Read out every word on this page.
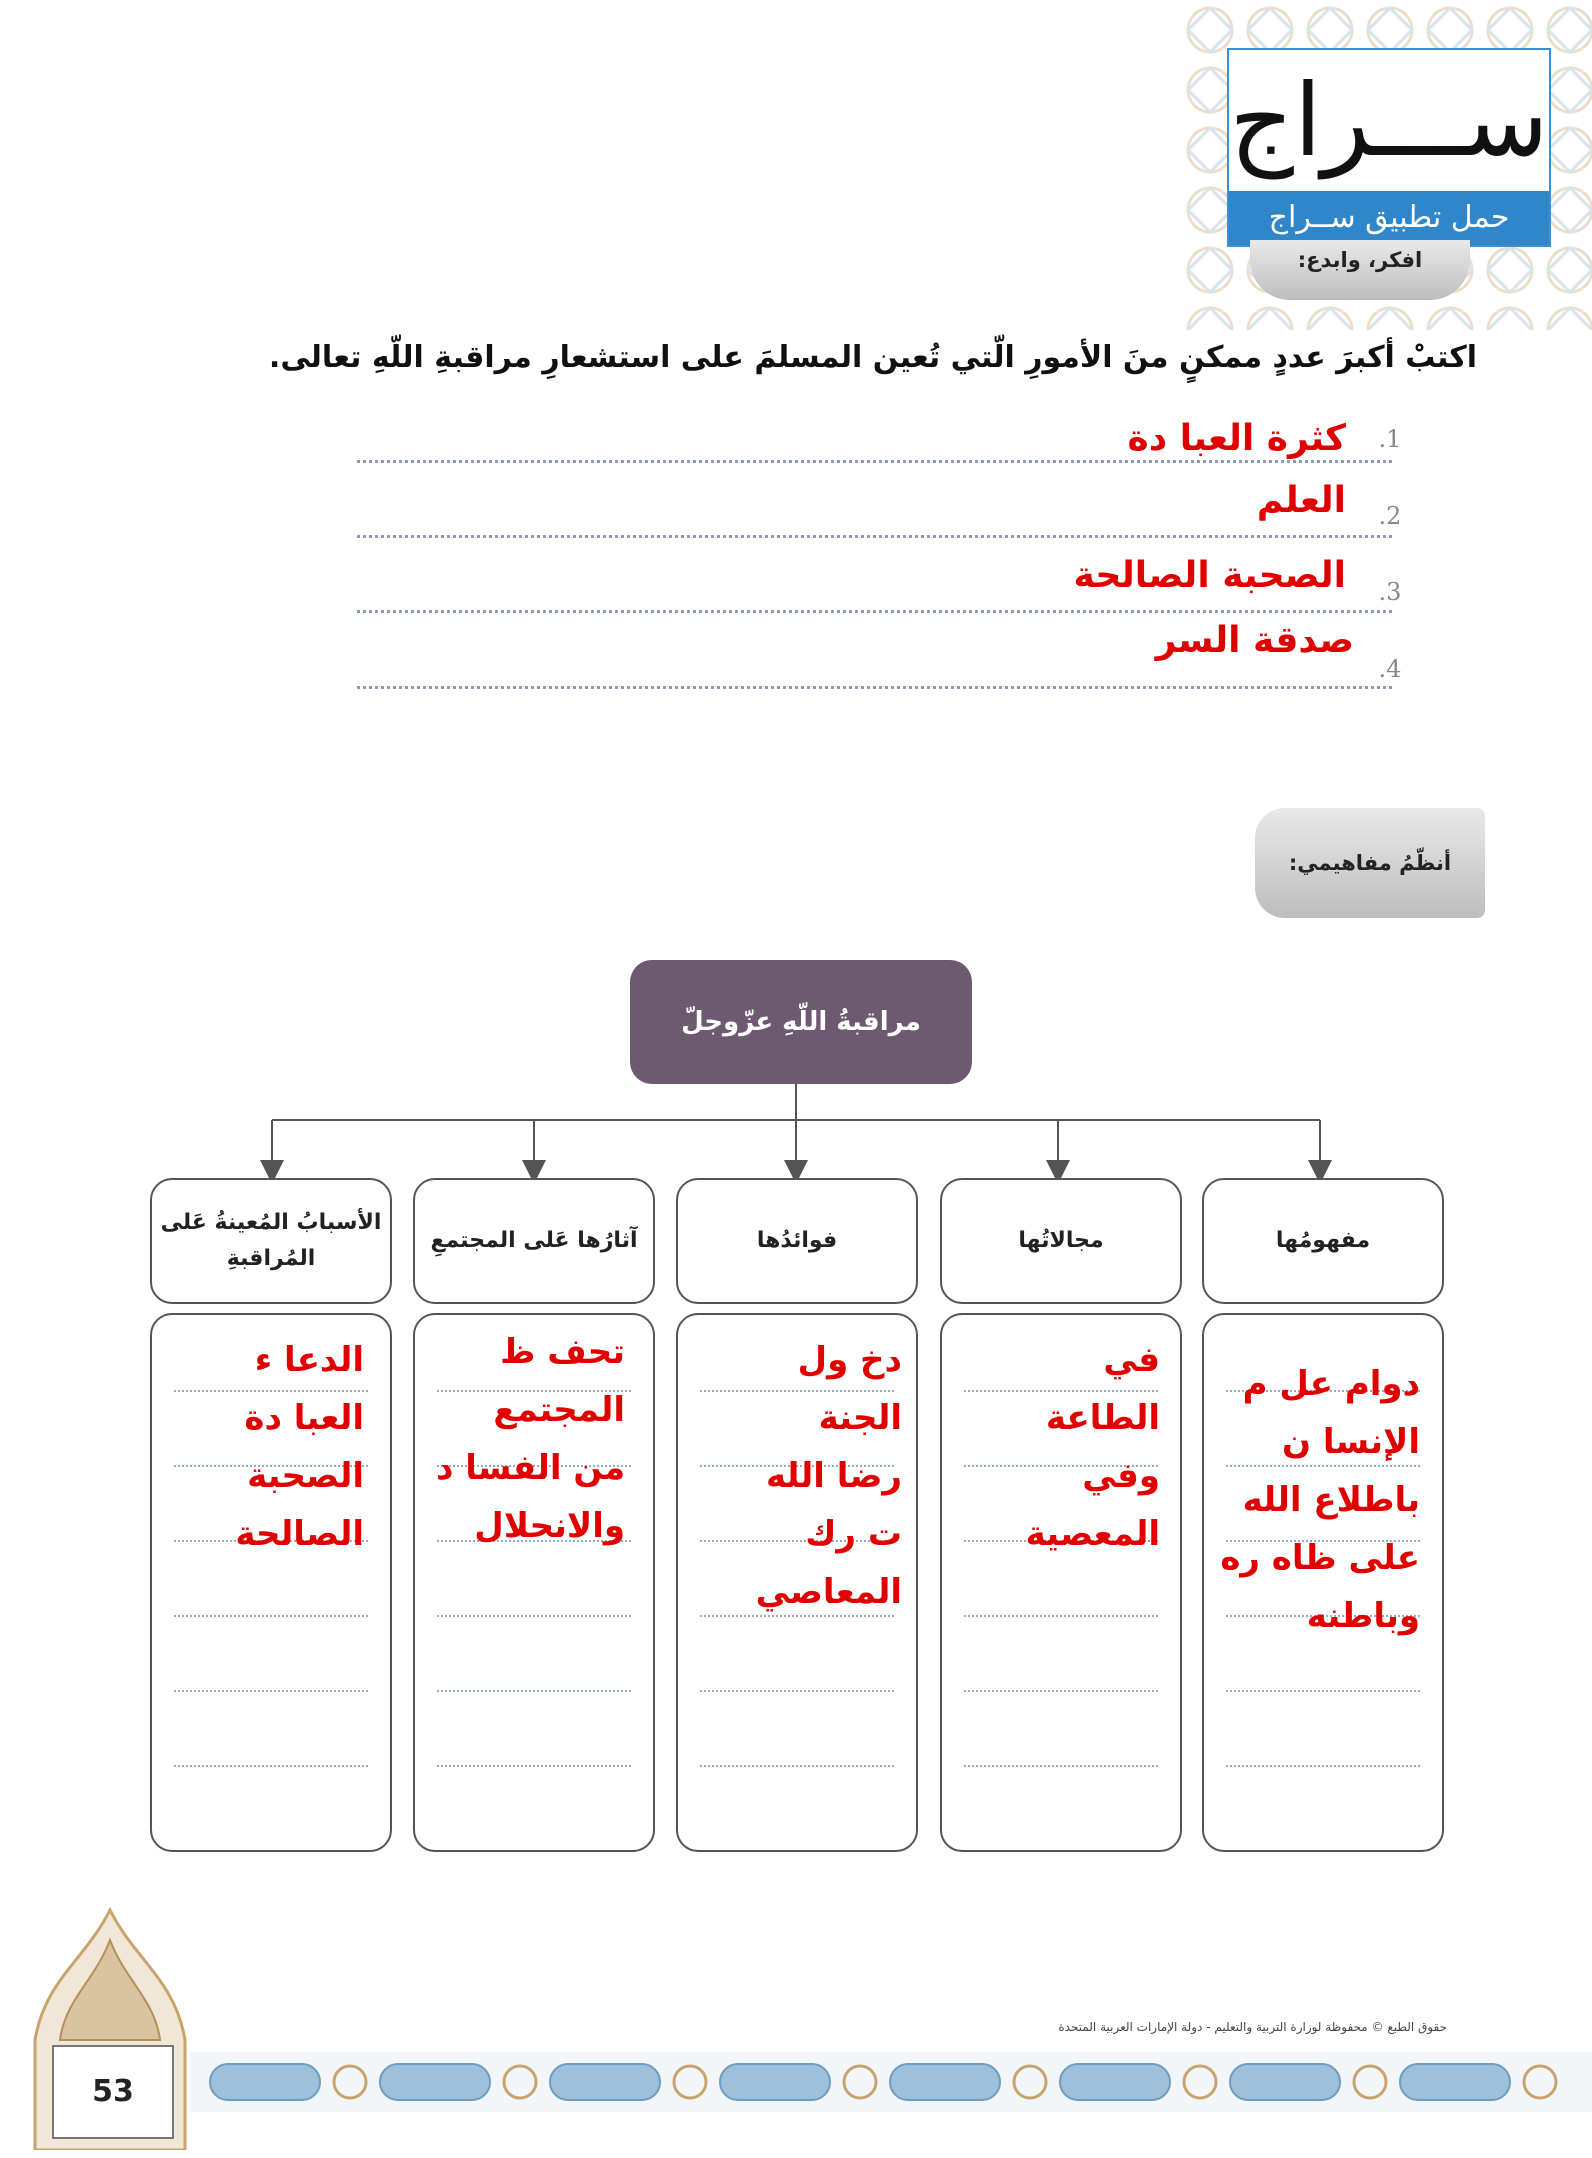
ســـراج
حمل تطبيق ســراج
افكر، وابدع:
اكتبْ أكبرَ عددٍ ممكنٍ منَ الأمورِ الّتي تُعين المسلمَ على استشعارِ مراقبةِ اللّهِ تعالى.
1.
كثرة العبا دة
2.
العلم
3.
الصحبة الصالحة
4.
صدقة السر
أنظّمُ مفاهيمي:
مراقبةُ اللّهِ عزّوجلّ
مفهومُها
مجالاتُها
فوائدُها
آثارُها عَلى المجتمعِ
الأسبابُ المُعينةُ عَلى المُراقبةِ
دوام عل م
الإنسا ن
باطلاع الله
على ظاه ره
وباطنه
في
الطاعة
وفي
المعصية
دخ ول
الجنة
رضا الله
ت رك
المعاصي
تحف ظ
المجتمع
من الفسا د
والانحلال
الدعا ء
العبا دة
الصحبة
الصالحة
حقوق الطبع © محفوظة لوزارة التربية والتعليم - دولة الإمارات العربية المتحدة
53
